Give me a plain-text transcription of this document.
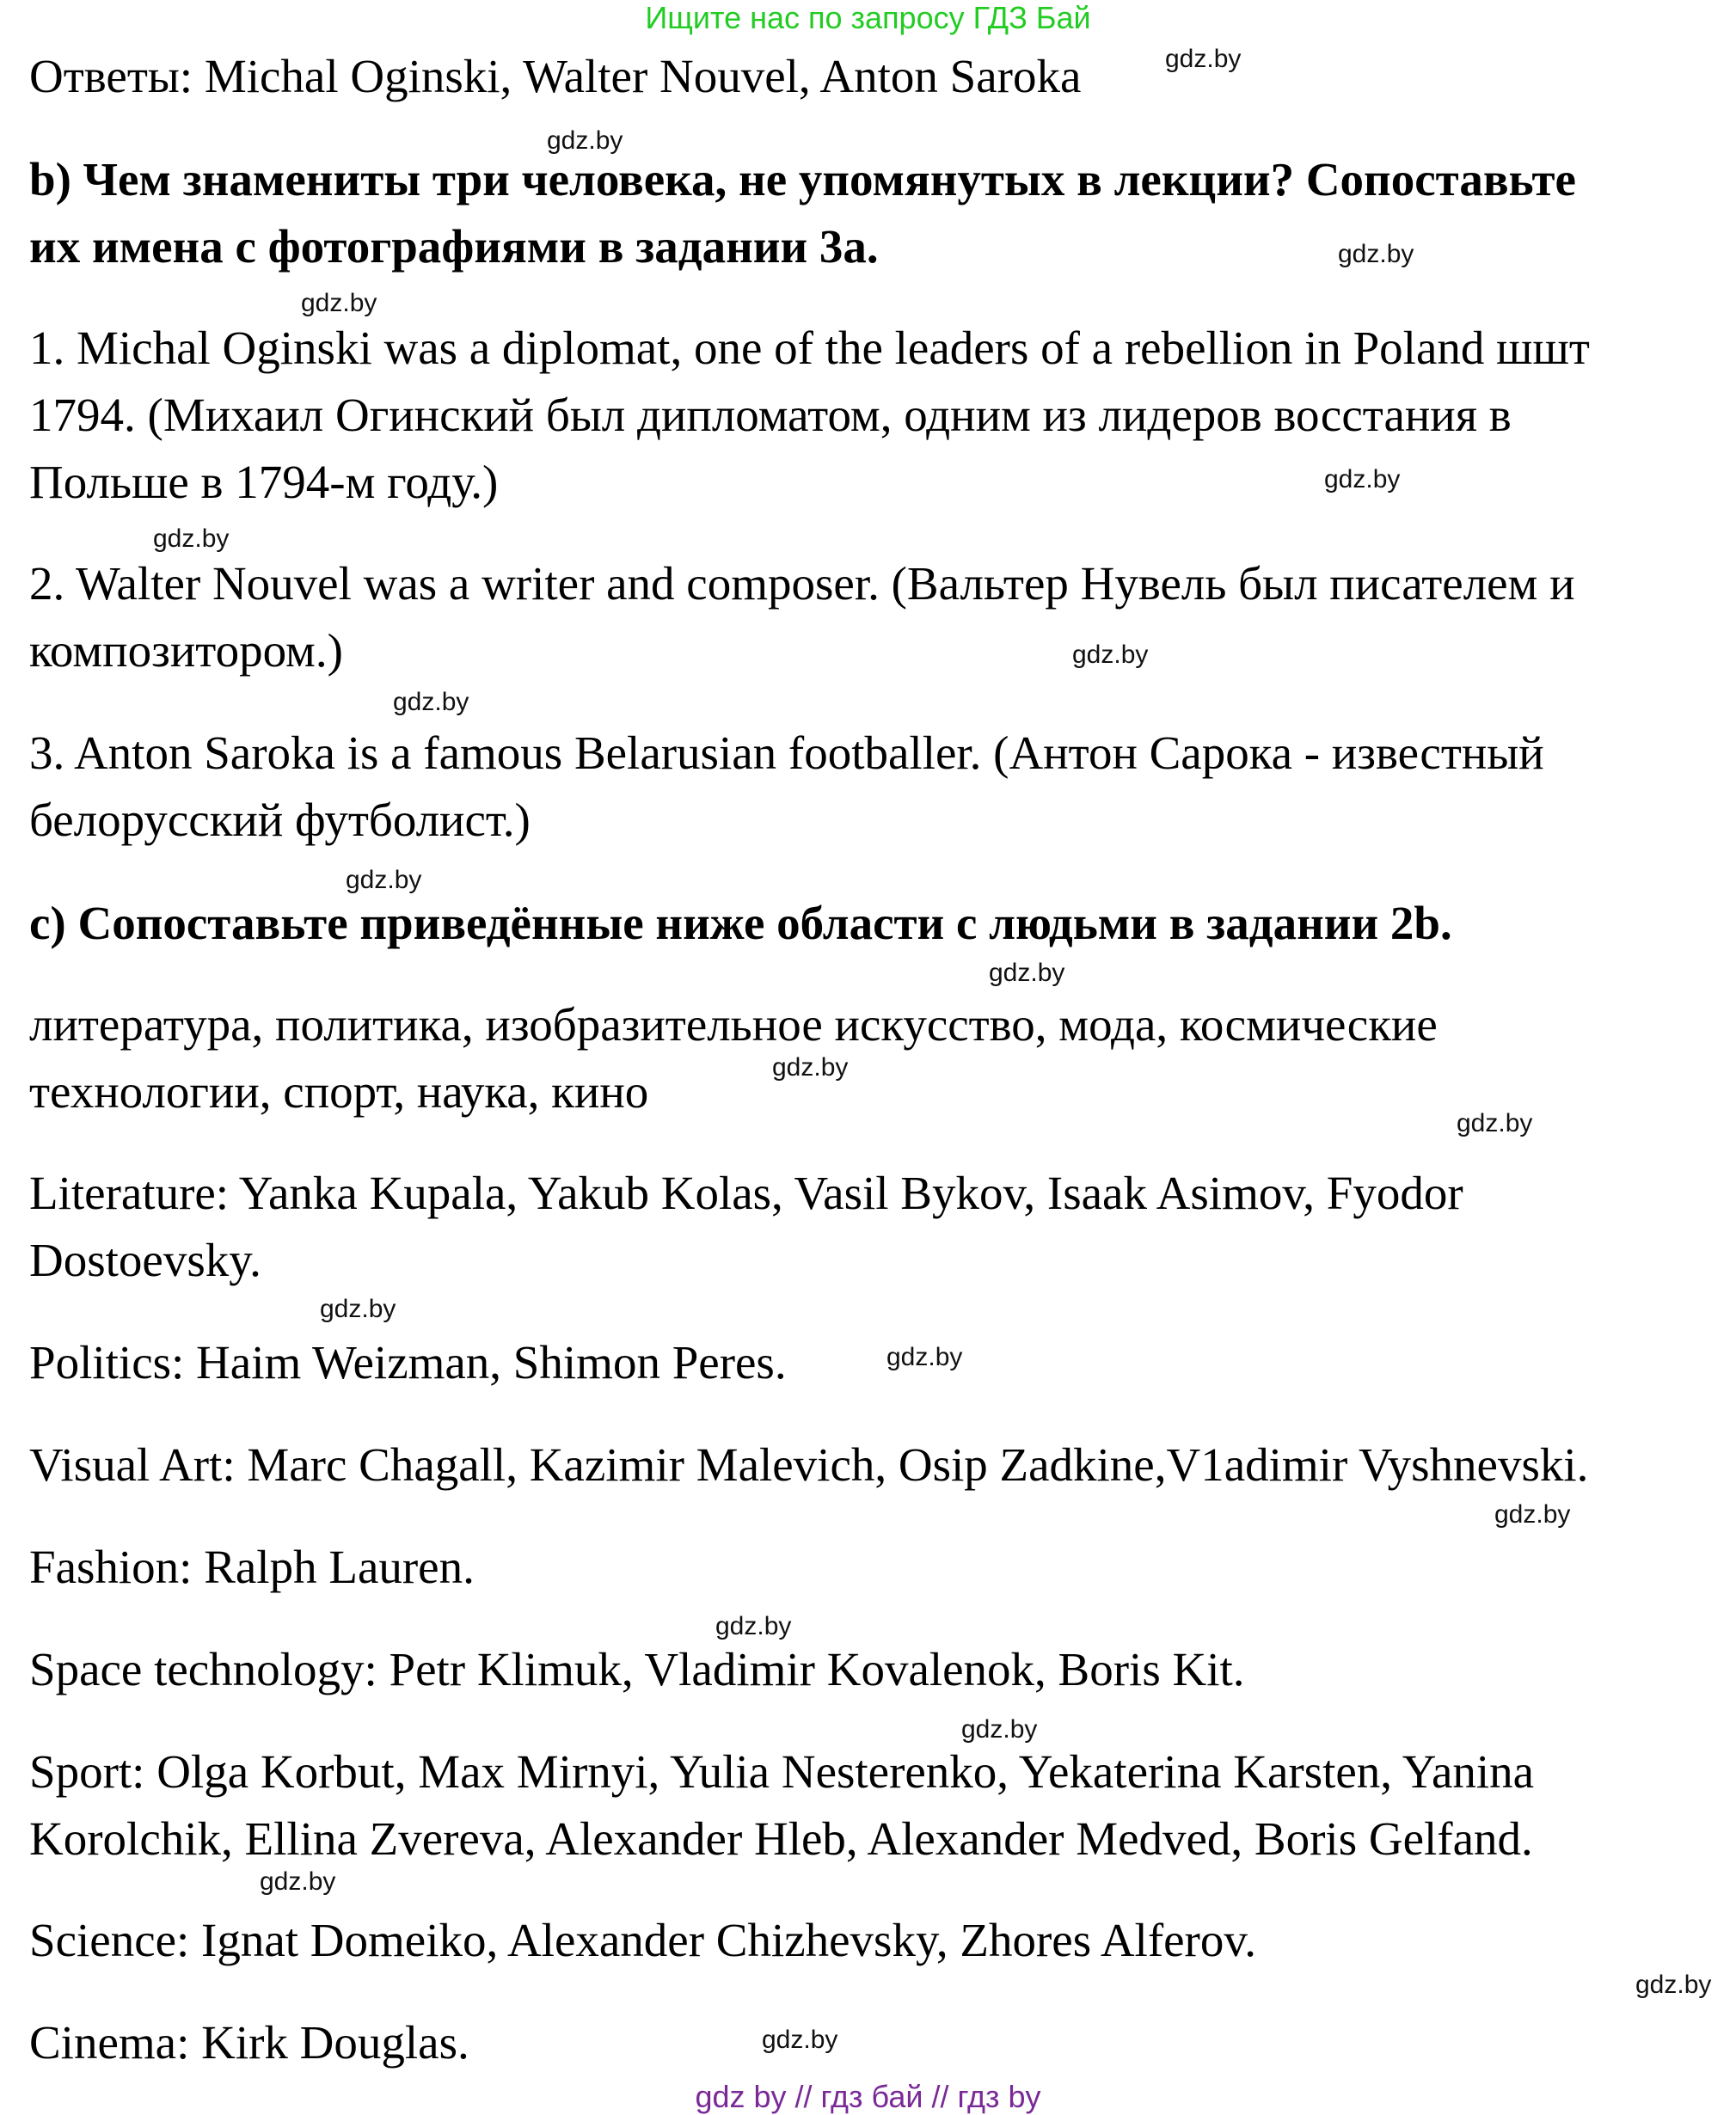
Ищите нас по запросу ГДЗ Бай
Ответы: Michal Oginski, Walter Nouvel, Anton Saroka
b) Чем знамениты три человека, не упомянутых в лекции? Сопоставьте
их имена с фотографиями в задании 3а.
1. Michal Oginski was a diplomat, one of the leaders of a rebellion in Poland шшт
1794. (Михаил Огинский был дипломатом, одним из лидеров восстания в
Польше в 1794-м году.)
2. Walter Nouvel was a writer and composer. (Вальтер Нувель был писателем и
композитором.)
3. Anton Saroka is a famous Belarusian footballer. (Антон Сарока - известный
белорусский футболист.)
c) Сопоставьте приведённые ниже области с людьми в задании 2b.
литература, политика, изобразительное искусство, мода, космические
технологии, спорт, наука, кино
Literature: Yanka Kupala, Yakub Kolas, Vasil Bykov, Isaak Asimov, Fyodor
Dostoevsky.
Politics: Haim Weizman, Shimon Peres.
Visual Art: Marc Chagall, Kazimir Malevich, Osip Zadkine,V1adimir Vyshnevski.
Fashion: Ralph Lauren.
Space technology: Petr Klimuk, Vladimir Kovalenok, Boris Kit.
Sport: Olga Korbut, Max Mirnyi, Yulia Nesterenko, Yekaterina Karsten, Yanina
Korolchik, Ellina Zvereva, Alexander Hleb, Alexander Medved, Boris Gelfand.
Science: Ignat Domeiko, Alexander Chizhevsky, Zhores Alferov.
Cinema: Kirk Douglas.
gdz.by
gdz.by
gdz.by
gdz.by
gdz.by
gdz.by
gdz.by
gdz.by
gdz.by
gdz.by
gdz.by
gdz.by
gdz.by
gdz.by
gdz.by
gdz.by
gdz.by
gdz.by
gdz.by
gdz.by
gdz by // гдз бай // гдз by
